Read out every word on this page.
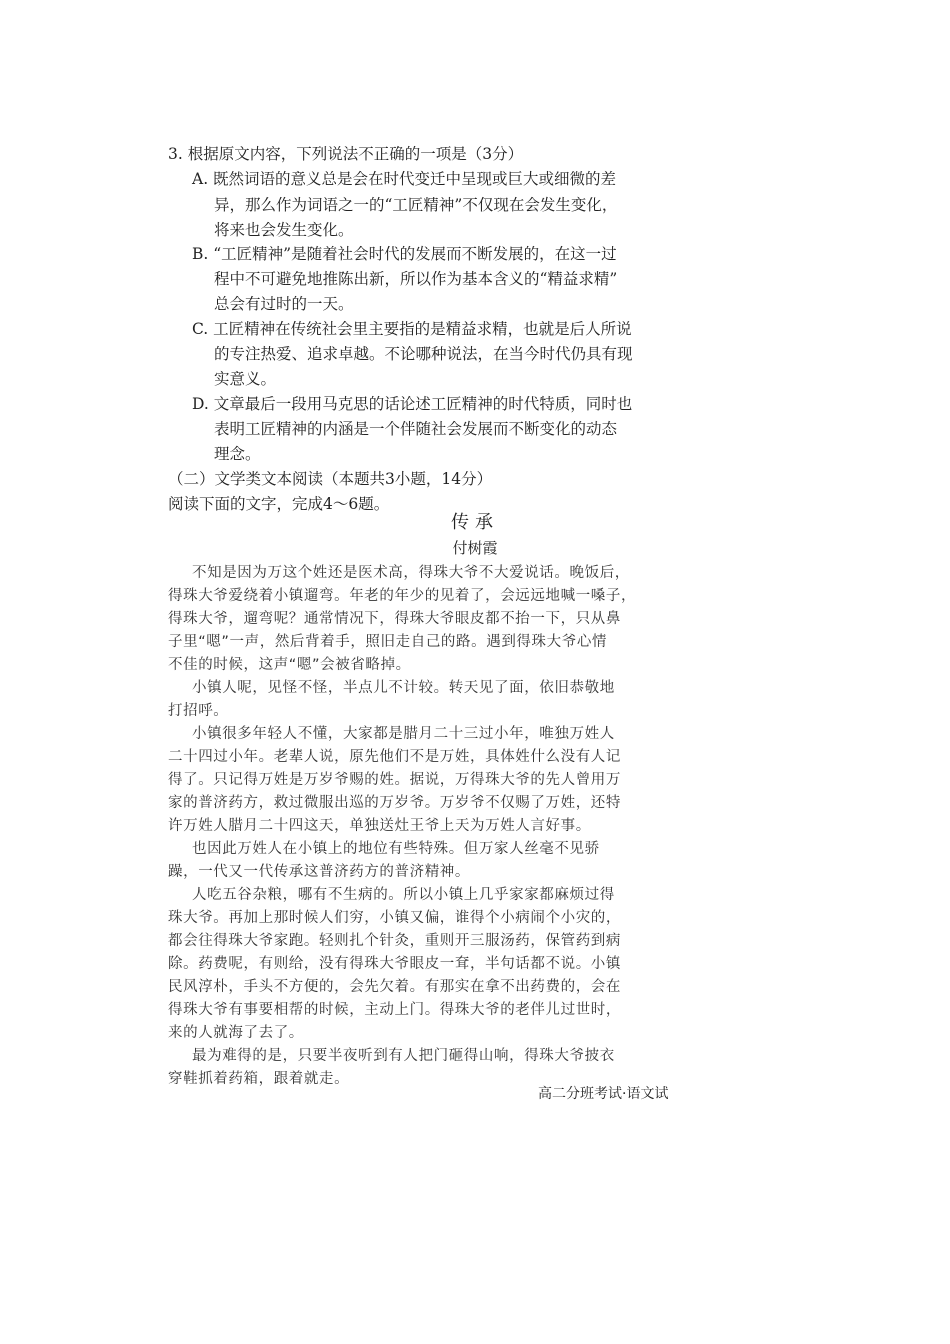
3. 根据原文内容，下列说法不正确的一项是（3分）
A. 既然词语的意义总是会在时代变迁中呈现或巨大或细微的差
异，那么作为词语之一的“工匠精神”不仅现在会发生变化，
将来也会发生变化。
B. “工匠精神”是随着社会时代的发展而不断发展的，在这一过
程中不可避免地推陈出新，所以作为基本含义的“精益求精”
总会有过时的一天。
C. 工匠精神在传统社会里主要指的是精益求精，也就是后人所说
的专注热爱、追求卓越。不论哪种说法，在当今时代仍具有现
实意义。
D. 文章最后一段用马克思的话论述工匠精神的时代特质，同时也
表明工匠精神的内涵是一个伴随社会发展而不断变化的动态
理念。
（二）文学类文本阅读（本题共3小题，14分）
阅读下面的文字，完成4～6题。
传承
付树霞
不知是因为万这个姓还是医术高，得珠大爷不大爱说话。晚饭后，
得珠大爷爱绕着小镇遛弯。年老的年少的见着了，会远远地喊一嗓子，
得珠大爷，遛弯呢？通常情况下，得珠大爷眼皮都不抬一下，只从鼻
子里“嗯”一声，然后背着手，照旧走自己的路。遇到得珠大爷心情
不佳的时候，这声“嗯”会被省略掉。
小镇人呢，见怪不怪，半点儿不计较。转天见了面，依旧恭敬地
打招呼。
小镇很多年轻人不懂，大家都是腊月二十三过小年，唯独万姓人
二十四过小年。老辈人说，原先他们不是万姓，具体姓什么没有人记
得了。只记得万姓是万岁爷赐的姓。据说，万得珠大爷的先人曾用万
家的普济药方，救过微服出巡的万岁爷。万岁爷不仅赐了万姓，还特
许万姓人腊月二十四这天，单独送灶王爷上天为万姓人言好事。
也因此万姓人在小镇上的地位有些特殊。但万家人丝毫不见骄
躁，一代又一代传承这普济药方的普济精神。
人吃五谷杂粮，哪有不生病的。所以小镇上几乎家家都麻烦过得
珠大爷。再加上那时候人们穷，小镇又偏，谁得个小病闹个小灾的，
都会往得珠大爷家跑。轻则扎个针灸，重则开三服汤药，保管药到病
除。药费呢，有则给，没有得珠大爷眼皮一耷，半句话都不说。小镇
民风淳朴，手头不方便的，会先欠着。有那实在拿不出药费的，会在
得珠大爷有事要相帮的时候，主动上门。得珠大爷的老伴儿过世时，
来的人就海了去了。
最为难得的是，只要半夜听到有人把门砸得山响，得珠大爷披衣
穿鞋抓着药箱，跟着就走。
高二分班考试·语文试
